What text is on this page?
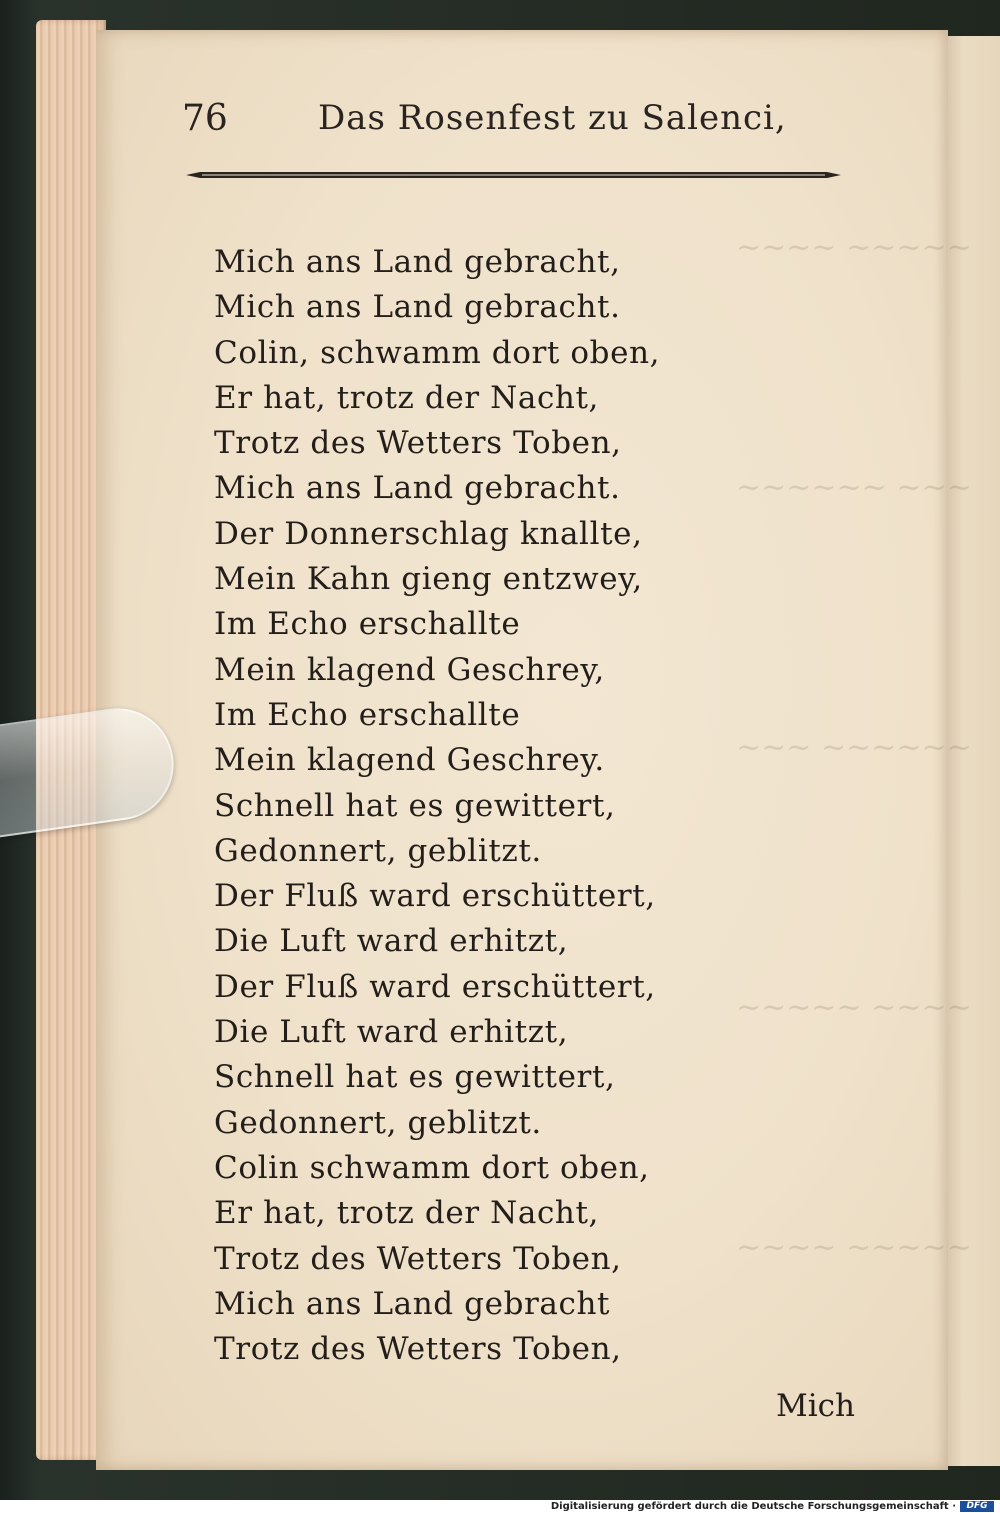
~~~~ ~~~~~
~~~~~~ ~~~
~~~ ~~~~~~
~~~~~ ~~~~
~~~~ ~~~~~
76	Das Rosenfest zu Salenci,
Mich ans Land gebracht,
Mich ans Land gebracht.
Colin, schwamm dort oben,
Er hat, trotz der Nacht,
Trotz des Wetters Toben,
Mich ans Land gebracht.
Der Donnerschlag knallte,
Mein Kahn gieng entzwey,
Im Echo erschallte
Mein klagend Geschrey,
Im Echo erschallte
Mein klagend Geschrey.
Schnell hat es gewittert,
Gedonnert, geblitzt.
Der Fluß ward erschüttert,
Die Luft ward erhitzt,
Der Fluß ward erschüttert,
Die Luft ward erhitzt,
Schnell hat es gewittert,
Gedonnert, geblitzt.
Colin schwamm dort oben,
Er hat, trotz der Nacht,
Trotz des Wetters Toben,
Mich ans Land gebracht
Trotz des Wetters Toben,
Mich
Digitalisierung gefördert durch die Deutsche Forschungsgemeinschaft ·	DFG
